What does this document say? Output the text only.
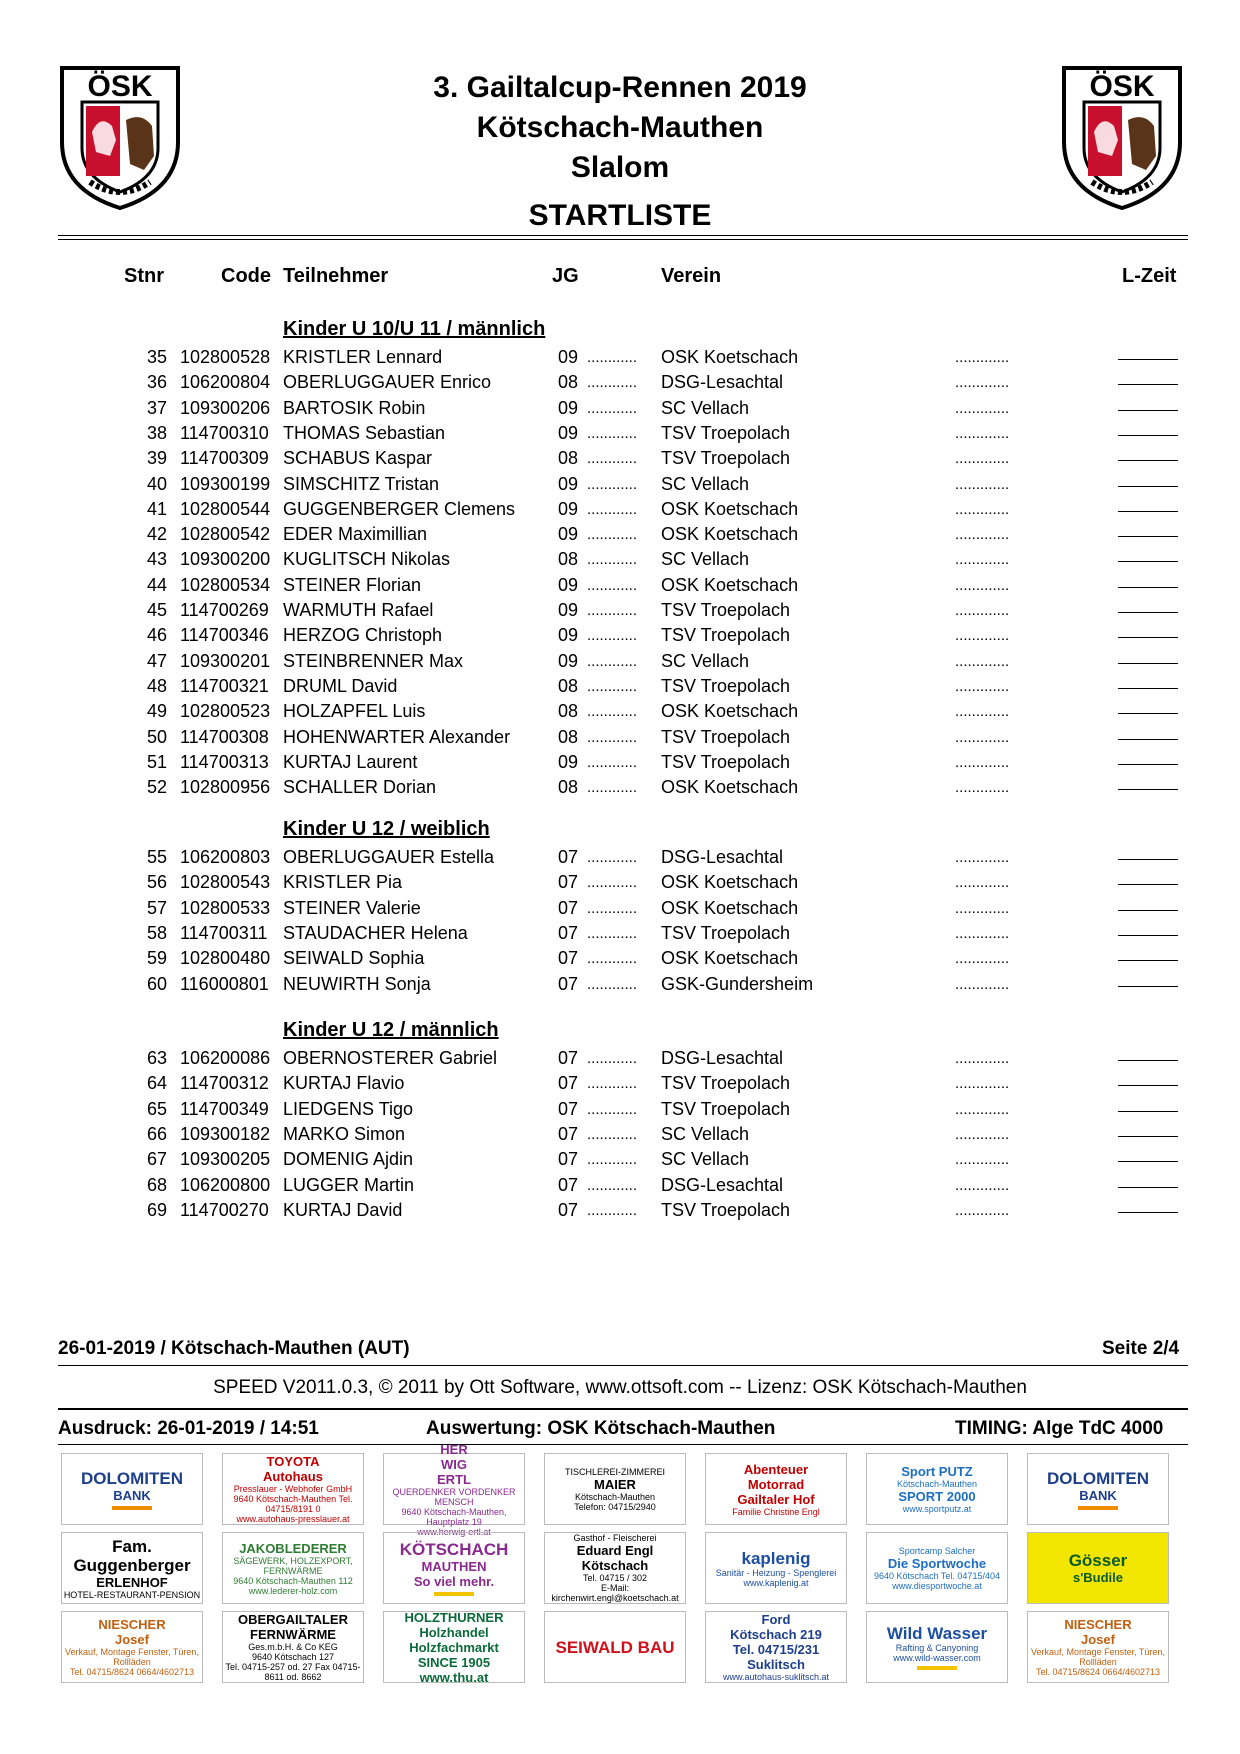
ÖSK	ÖSK
3. Gailtalcup-Rennen 2019
Kötschach-Mauthen
Slalom
STARTLISTE
Stnr	Code Teilnehmer	JG	Verein	L-Zeit
Kinder U 10/U 11 / männlich
35 102800528 KRISTLER Lennard	09 ............ OSK Koetschach	.............
36 106200804 OBERLUGGAUER Enrico	08 ............ DSG-Lesachtal	.............
37 109300206 BARTOSIK Robin	09 ............ SC Vellach	.............
38 114700310 THOMAS Sebastian	09 ............ TSV Troepolach	.............
39 114700309 SCHABUS Kaspar	08 ............ TSV Troepolach	.............
40 109300199 SIMSCHITZ Tristan	09 ............ SC Vellach	.............
41 102800544 GUGGENBERGER Clemens 09 ............ OSK Koetschach	.............
42 102800542 EDER Maximillian	09 ............ OSK Koetschach	.............
43 109300200 KUGLITSCH Nikolas	08 ............ SC Vellach	.............
44 102800534 STEINER Florian	09 ............ OSK Koetschach	.............
45 114700269 WARMUTH Rafael	09 ............ TSV Troepolach	.............
46 114700346 HERZOG Christoph	09 ............ TSV Troepolach	.............
47 109300201 STEINBRENNER Max	09 ............ SC Vellach	.............
48 114700321 DRUML David	08 ............ TSV Troepolach	.............
49 102800523 HOLZAPFEL Luis	08 ............ OSK Koetschach	.............
50 114700308 HOHENWARTER Alexander	08 ............ TSV Troepolach	.............
51 114700313 KURTAJ Laurent	09 ............ TSV Troepolach	.............
52 102800956 SCHALLER Dorian	08 ............ OSK Koetschach	.............
Kinder U 12 / weiblich
55 106200803 OBERLUGGAUER Estella	07 ............ DSG-Lesachtal	.............
56 102800543 KRISTLER Pia	07 ............ OSK Koetschach	.............
57 102800533 STEINER Valerie	07 ............ OSK Koetschach	.............
58 114700311 STAUDACHER Helena	07 ............ TSV Troepolach	.............
59 102800480 SEIWALD Sophia	07 ............ OSK Koetschach	.............
60 116000801 NEUWIRTH Sonja	07 ............ GSK-Gundersheim	.............
Kinder U 12 / männlich
63 106200086 OBERNOSTERER Gabriel	07 ............ DSG-Lesachtal	.............
64 114700312 KURTAJ Flavio	07 ............ TSV Troepolach	.............
65 114700349 LIEDGENS Tigo	07 ............ TSV Troepolach	.............
66 109300182 MARKO Simon	07 ............ SC Vellach	.............
67 109300205 DOMENIG Ajdin	07 ............ SC Vellach	.............
68 106200800 LUGGER Martin	07 ............ DSG-Lesachtal	.............
69 114700270 KURTAJ David	07 ............ TSV Troepolach	.............
26-01-2019 / Kötschach-Mauthen (AUT)	Seite 2/4
SPEED V2011.0.3, © 2011 by Ott Software, www.ottsoft.com -- Lizenz: OSK Kötschach-Mauthen
Ausdruck: 26-01-2019 / 14:51	Auswertung: OSK Kötschach-Mauthen	TIMING: Alge TdC 4000
DOLOMITEN
BANK
TOYOTA
Autohaus
Presslauer - Webhofer GmbH
9640 Kötschach-Mauthen Tel. 04715/8191 0
www.autohaus-presslauer.at
HER
WIG
ERTL
QUERDENKER VORDENKER MENSCH
9640 Kötschach-Mauthen, Hauptplatz 19
www.herwig-ertl.at
TISCHLEREI-ZIMMEREI
MAIER
Kötschach-Mauthen
Telefon: 04715/2940
Abenteuer
Motorrad
Gailtaler Hof
Familie Christine Engl
Sport PUTZ
Kötschach-Mauthen
SPORT 2000
www.sportputz.at
DOLOMITEN
BANK
Fam. Guggenberger
ERLENHOF
HOTEL-RESTAURANT-PENSION
JAKOBLEDERER
SÄGEWERK, HOLZEXPORT, FERNWÄRME
9640 Kötschach-Mauthen 112
www.lederer-holz.com
KÖTSCHACH
MAUTHEN
So viel mehr.
Gasthof - Fleischerei
Eduard Engl
Kötschach
Tel. 04715 / 302
E-Mail: kirchenwirt.engl@koetschach.at
kaplenig
Sanitär - Heizung - Spenglerei
www.kaplenig.at
Sportcamp Salcher
Die Sportwoche
9640 Kötschach Tel. 04715/404
www.diesportwoche.at
Gösser
s'Budile
NIESCHER
Josef
Verkauf, Montage Fenster, Türen, Rollläden
Tel. 04715/8624 0664/4602713
OBERGAILTALER
FERNWÄRME
Ges.m.b.H. & Co KEG
9640 Kötschach 127
Tel. 04715-257 od. 27 Fax 04715-8611 od. 8662
HOLZTHURNER
Holzhandel
Holzfachmarkt
SINCE 1905
www.thu.at
SEIWALD BAU
Ford
Kötschach 219
Tel. 04715/231
Suklitsch
www.autohaus-suklitsch.at
Wild Wasser
Rafting & Canyoning
www.wild-wasser.com
NIESCHER
Josef
Verkauf, Montage Fenster, Türen, Rollläden
Tel. 04715/8624 0664/4602713
